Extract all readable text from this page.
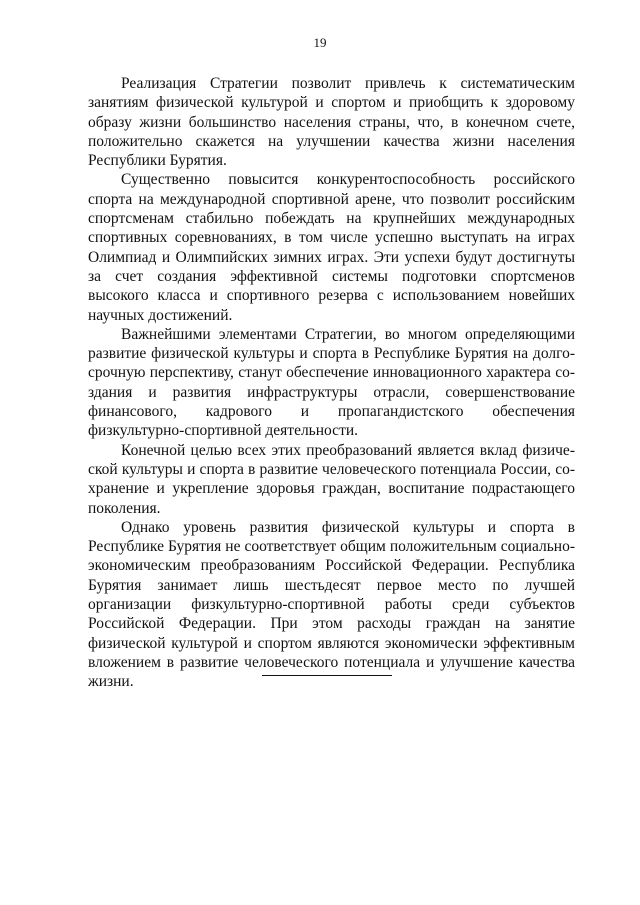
19

Реализация Стратегии позволит привлечь к систематическим занятиям физической культурой и спортом и приобщить к здоровому образу жизни большинство населения страны, что, в конечном счете, положительно скажется на улучшении качества жизни населения Республики Бурятия.

Существенно повысится конкурентоспособность российского спорта на международной спортивной арене, что позволит российским спортсменам стабильно побеждать на крупнейших международных спортивных соревнованиях, в том числе успешно выступать на играх Олимпиад и Олимпийских зимних играх. Эти успехи будут достигнуты за счет создания эффективной системы подготовки спортсменов высокого класса и спортивного резерва с использованием новейших научных достижений.

Важнейшими элементами Стратегии, во многом определяющими развитие физической культуры и спорта в Республике Бурятия на долгосрочную перспективу, станут обеспечение инновационного характера создания и развития инфраструктуры отрасли, совершенствование финансового, кадрового и пропагандистского обеспечения физкультурно-спортивной деятельности.

Конечной целью всех этих преобразований является вклад физической культуры и спорта в развитие человеческого потенциала России, сохранение и укрепление здоровья граждан, воспитание подрастающего поколения.

Однако уровень развития физической культуры и спорта в Республике Бурятия не соответствует общим положительным социально-экономическим преобразованиям Российской Федерации. Республика Бурятия занимает лишь шестьдесят первое место по лучшей организации физкультурно-спортивной работы среди субъектов Российской Федерации. При этом расходы граждан на занятие физической культурой и спортом являются экономически эффективным вложением в развитие человеческого потенциала и улучшение качества жизни.
